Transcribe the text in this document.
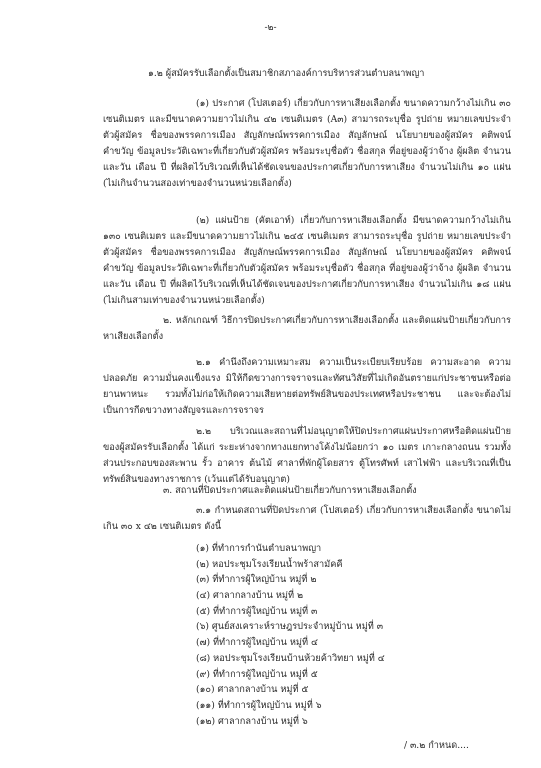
-๒-
๑.๒ ผู้สมัครรับเลือกตั้งเป็นสมาชิกสภาองค์การบริหารส่วนตำบลนาพญา
(๑) ประกาศ (โปสเตอร์) เกี่ยวกับการหาเสียงเลือกตั้ง ขนาดความกว้างไม่เกิน ๓๐ เซนติเมตร และมีขนาดความยาวไม่เกิน ๔๒ เซนติเมตร (A๓) สามารถระบุชื่อ รูปถ่าย หมายเลขประจำตัวผู้สมัคร ชื่อของพรรคการเมือง สัญลักษณ์พรรคการเมือง สัญลักษณ์ นโยบายของผู้สมัคร คติพจน์ คำขวัญ ข้อมูลประวัติเฉพาะที่เกี่ยวกับตัวผู้สมัคร พร้อมระบุชื่อตัว ชื่อสกุล ที่อยู่ของผู้ว่าจ้าง ผู้ผลิต จำนวน และวัน เดือน ปี ที่ผลิตไว้บริเวณที่เห็นได้ชัดเจนของประกาศเกี่ยวกับการหาเสียง จำนวนไม่เกิน ๑๐ แผ่น (ไม่เกินจำนวนสองเท่าของจำนวนหน่วยเลือกตั้ง)
(๒) แผ่นป้าย (คัตเอาท์) เกี่ยวกับการหาเสียงเลือกตั้ง มีขนาดความกว้างไม่เกิน ๑๓๐ เซนติเมตร และมีขนาดความยาวไม่เกิน ๒๔๕ เซนติเมตร สามารถระบุชื่อ รูปถ่าย หมายเลขประจำตัวผู้สมัคร ชื่อของพรรคการเมือง สัญลักษณ์พรรคการเมือง สัญลักษณ์ นโยบายของผู้สมัคร คติพจน์ คำขวัญ ข้อมูลประวัติเฉพาะที่เกี่ยวกับตัวผู้สมัคร พร้อมระบุชื่อตัว ชื่อสกุล ที่อยู่ของผู้ว่าจ้าง ผู้ผลิต จำนวน และวัน เดือน ปี ที่ผลิตไว้บริเวณที่เห็นได้ชัดเจนของประกาศเกี่ยวกับการหาเสียง จำนวนไม่เกิน ๑๘ แผ่น (ไม่เกินสามเท่าของจำนวนหน่วยเลือกตั้ง)
๒. หลักเกณฑ์ วิธีการปิดประกาศเกี่ยวกับการหาเสียงเลือกตั้ง และติดแผ่นป้ายเกี่ยวกับการหาเสียงเลือกตั้ง
๒.๑ คำนึงถึงความเหมาะสม ความเป็นระเบียบเรียบร้อย ความสะอาด ความปลอดภัย ความมั่นคงแข็งแรง มิให้กีดขวางการจราจรและทัศนวิสัยที่ไม่เกิดอันตรายแก่ประชาชนหรือต่อยานพาหนะ รวมทั้งไม่ก่อให้เกิดความเสียหายต่อทรัพย์สินของประเทศหรือประชาชน และจะต้องไม่เป็นการกีดขวางทางสัญจรและการจราจร
๒.๒ บริเวณและสถานที่ไม่อนุญาตให้ปิดประกาศแผ่นประกาศหรือติดแผ่นป้ายของผู้สมัครรับเลือกตั้ง ได้แก่ ระยะห่างจากทางแยกทางโค้งไม่น้อยกว่า ๑๐ เมตร เกาะกลางถนน รวมทั้งส่วนประกอบของสะพาน รั้ว อาคาร ต้นไม้ ศาลาที่พักผู้โดยสาร ตู้โทรศัพท์ เสาไฟฟ้า และบริเวณที่เป็นทรัพย์สินของทางราชการ (เว้นแต่ได้รับอนุญาต)
๓. สถานที่ปิดประกาศและติดแผ่นป้ายเกี่ยวกับการหาเสียงเลือกตั้ง
๓.๑ กำหนดสถานที่ปิดประกาศ (โปสเตอร์) เกี่ยวกับการหาเสียงเลือกตั้ง ขนาดไม่เกิน ๓๐ x ๔๒ เซนติเมตร ดังนี้
(๑) ที่ทำการกำนันตำบลนาพญา
(๒) หอประชุมโรงเรียนน้ำพร้าสามัคคี
(๓) ที่ทำการผู้ใหญ่บ้าน หมู่ที่ ๒
(๔) ศาลากลางบ้าน หมู่ที่ ๒
(๕) ที่ทำการผู้ใหญ่บ้าน หมู่ที่ ๓
(๖) ศูนย์สงเคราะห์ราษฎรประจำหมู่บ้าน หมู่ที่ ๓
(๗) ที่ทำการผู้ใหญ่บ้าน หมู่ที่ ๔
(๘) หอประชุมโรงเรียนบ้านห้วยค้าวิทยา หมู่ที่ ๔
(๙) ที่ทำการผู้ใหญ่บ้าน หมู่ที่ ๕
(๑๐) ศาลากลางบ้าน หมู่ที่ ๕
(๑๑) ที่ทำการผู้ใหญ่บ้าน หมู่ที่ ๖
(๑๒) ศาลากลางบ้าน หมู่ที่ ๖
/ ๓.๒ กำหนด....
